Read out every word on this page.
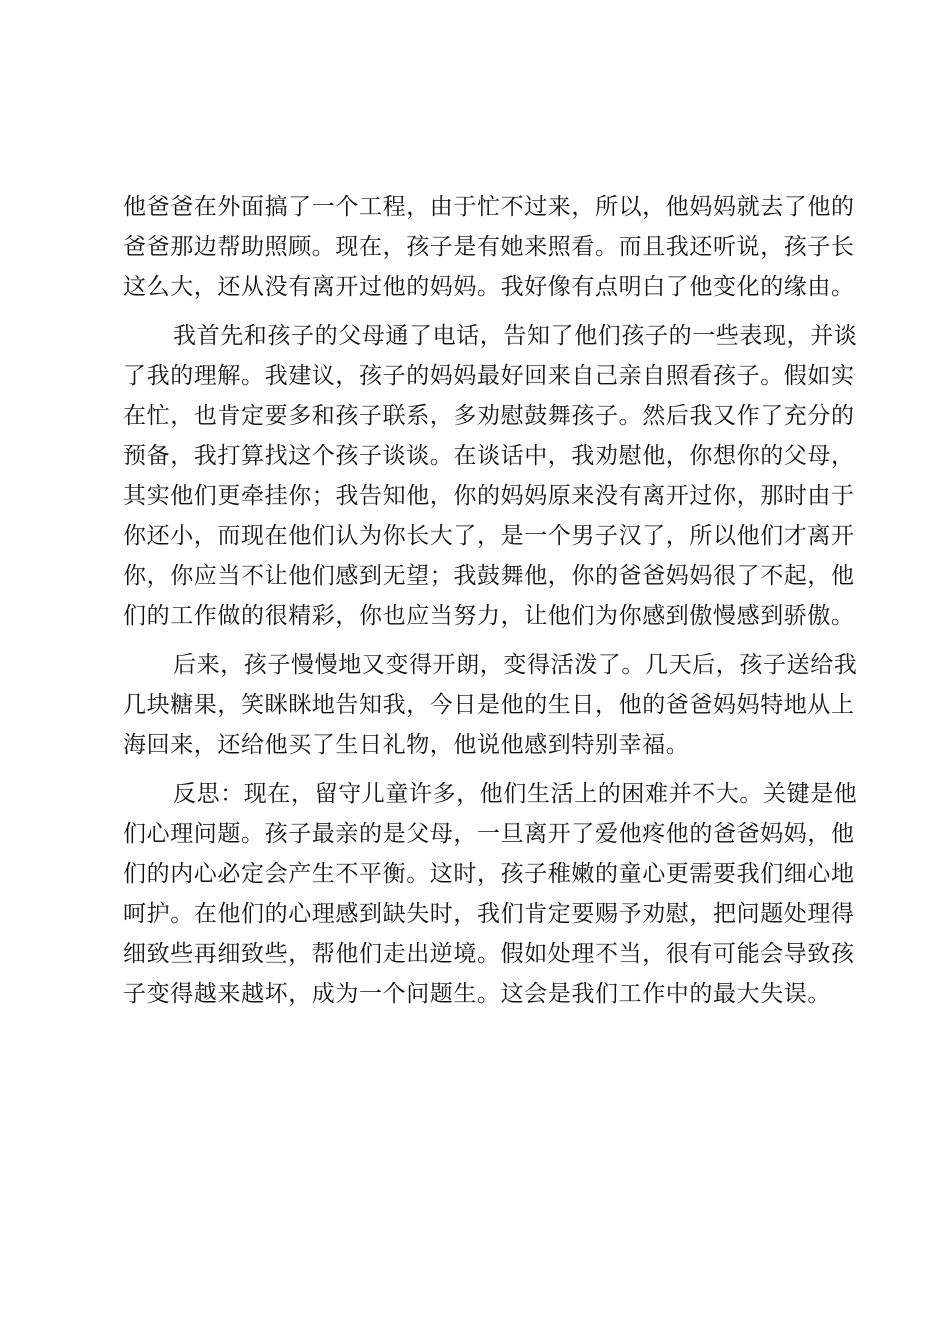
他爸爸在外面搞了一个工程，由于忙不过来，所以，他妈妈就去了他的
爸爸那边帮助照顾。现在，孩子是有她来照看。而且我还听说，孩子长
这么大，还从没有离开过他的妈妈。我好像有点明白了他变化的缘由。
我首先和孩子的父母通了电话，告知了他们孩子的一些表现，并谈
了我的理解。我建议，孩子的妈妈最好回来自己亲自照看孩子。假如实
在忙，也肯定要多和孩子联系，多劝慰鼓舞孩子。然后我又作了充分的
预备，我打算找这个孩子谈谈。在谈话中，我劝慰他，你想你的父母，
其实他们更牵挂你；我告知他，你的妈妈原来没有离开过你，那时由于
你还小，而现在他们认为你长大了，是一个男子汉了，所以他们才离开
你，你应当不让他们感到无望；我鼓舞他，你的爸爸妈妈很了不起，他
们的工作做的很精彩，你也应当努力，让他们为你感到傲慢感到骄傲。
后来，孩子慢慢地又变得开朗，变得活泼了。几天后，孩子送给我
几块糖果，笑眯眯地告知我，今日是他的生日，他的爸爸妈妈特地从上
海回来，还给他买了生日礼物，他说他感到特别幸福。
反思：现在，留守儿童许多，他们生活上的困难并不大。关键是他
们心理问题。孩子最亲的是父母，一旦离开了爱他疼他的爸爸妈妈，他
们的内心必定会产生不平衡。这时，孩子稚嫩的童心更需要我们细心地
呵护。在他们的心理感到缺失时，我们肯定要赐予劝慰，把问题处理得
细致些再细致些，帮他们走出逆境。假如处理不当，很有可能会导致孩
子变得越来越坏，成为一个问题生。这会是我们工作中的最大失误。
